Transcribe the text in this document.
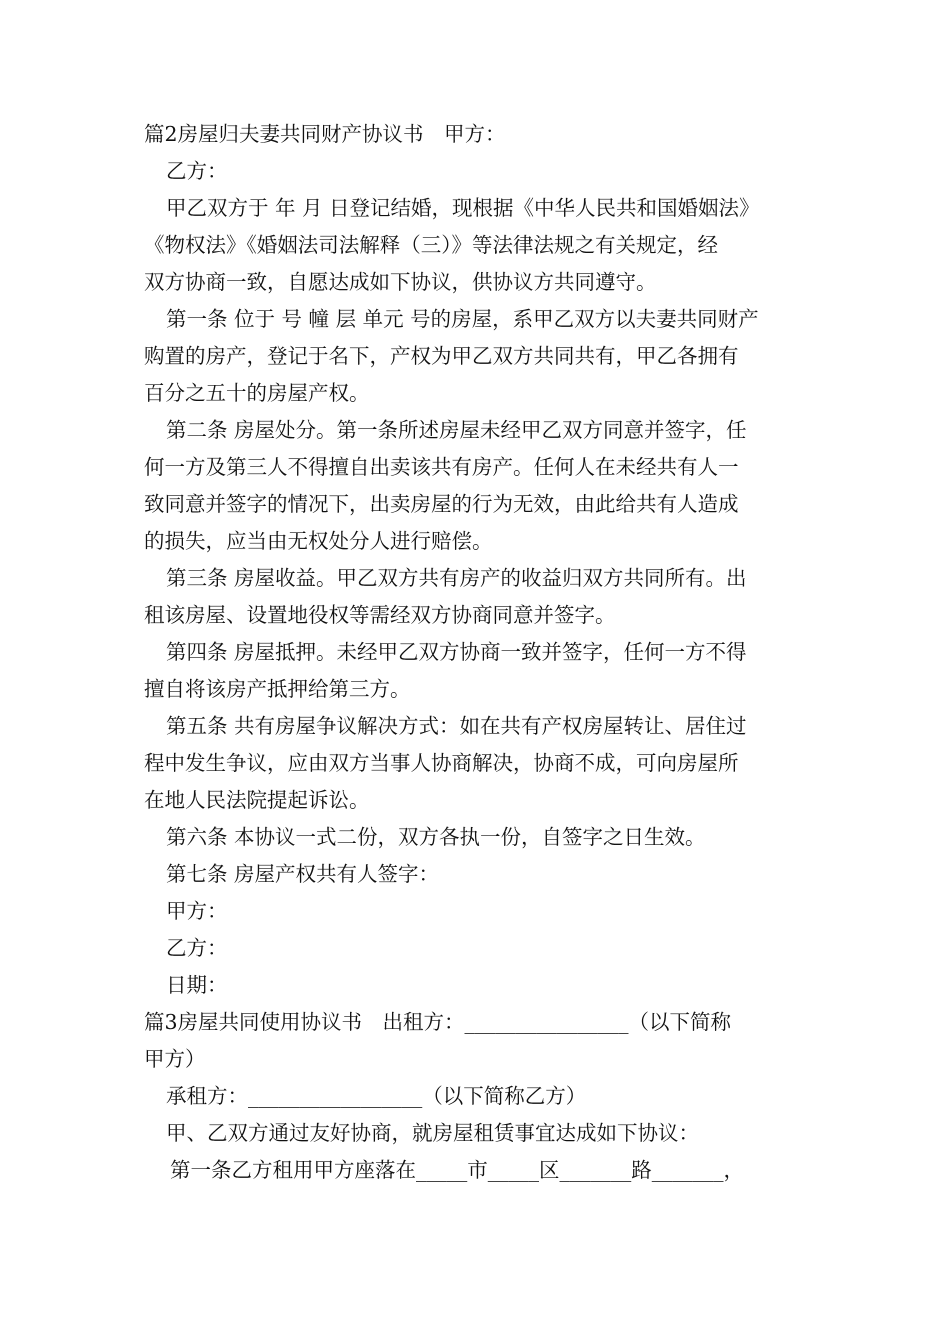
篇2房屋归夫妻共同财产协议书　甲方：
乙方：
甲乙双方于 年 月 日登记结婚，现根据《中华人民共和国婚姻法》
《物权法》《婚姻法司法解释（三）》等法律法规之有关规定，经
双方协商一致，自愿达成如下协议，供协议方共同遵守。
第一条 位于 号 幢 层 单元 号的房屋，系甲乙双方以夫妻共同财产
购置的房产，登记于名下，产权为甲乙双方共同共有，甲乙各拥有
百分之五十的房屋产权。
第二条 房屋处分。第一条所述房屋未经甲乙双方同意并签字，任
何一方及第三人不得擅自出卖该共有房产。任何人在未经共有人一
致同意并签字的情况下，出卖房屋的行为无效，由此给共有人造成
的损失，应当由无权处分人进行赔偿。
第三条 房屋收益。甲乙双方共有房产的收益归双方共同所有。出
租该房屋、设置地役权等需经双方协商同意并签字。
第四条 房屋抵押。未经甲乙双方协商一致并签字，任何一方不得
擅自将该房产抵押给第三方。
第五条 共有房屋争议解决方式：如在共有产权房屋转让、居住过
程中发生争议，应由双方当事人协商解决，协商不成，可向房屋所
在地人民法院提起诉讼。
第六条 本协议一式二份，双方各执一份，自签字之日生效。
第七条 房屋产权共有人签字：
甲方：
乙方：
日期：
篇3房屋共同使用协议书　出租方：________________（以下简称
甲方）
承租方：_________________（以下简称乙方）
甲、乙双方通过友好协商，就房屋租赁事宜达成如下协议：
第一条乙方租用甲方座落在_____市_____区_______路_______，
